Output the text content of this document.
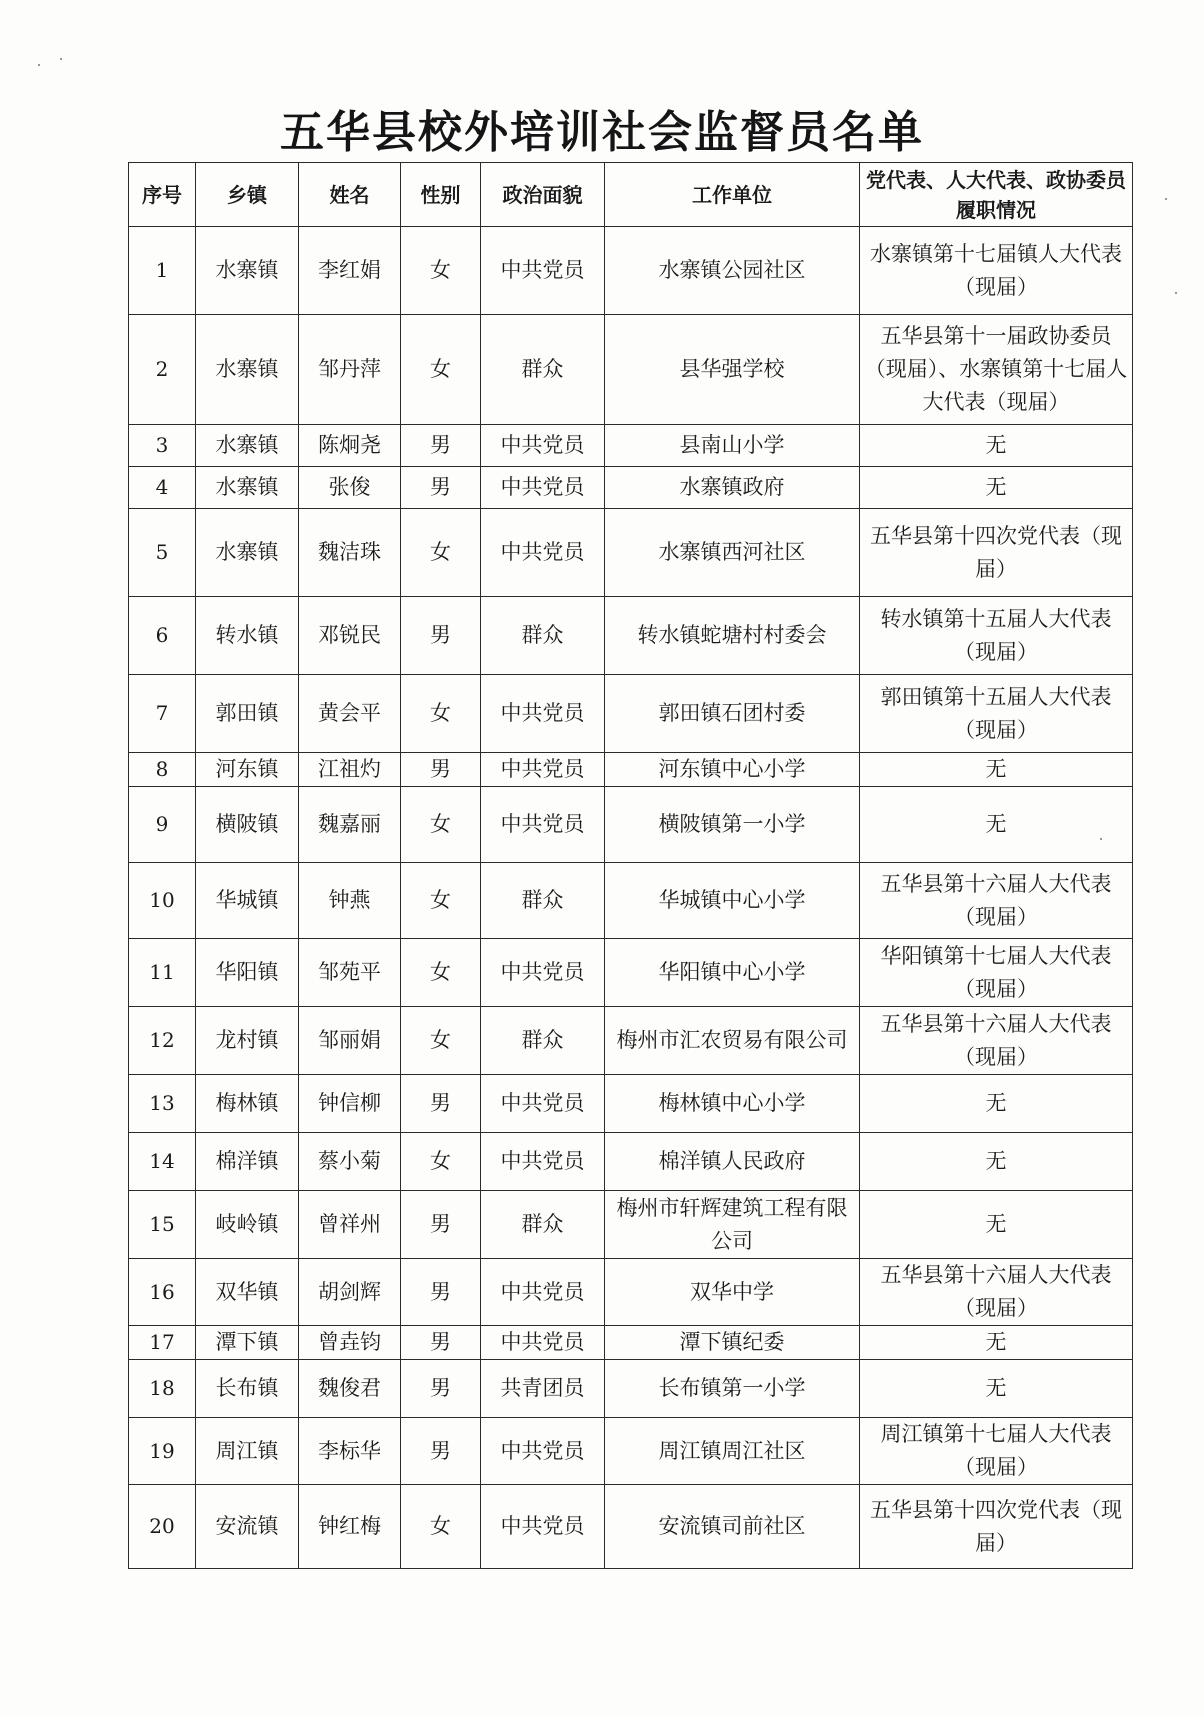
五华县校外培训社会监督员名单
序号	乡镇	姓名	性别	政治面貌	工作单位	党代表、人大代表、政协委员履职情况
1	水寨镇	李红娟	女	中共党员	水寨镇公园社区	水寨镇第十七届镇人大代表（现届）
2	水寨镇	邹丹萍	女	群众	县华强学校	五华县第十一届政协委员（现届）、水寨镇第十七届人大代表（现届）
3	水寨镇	陈炯尧	男	中共党员	县南山小学	无
4	水寨镇	张俊	男	中共党员	水寨镇政府	无
5	水寨镇	魏洁珠	女	中共党员	水寨镇西河社区	五华县第十四次党代表（现届）
6	转水镇	邓锐民	男	群众	转水镇蛇塘村村委会	转水镇第十五届人大代表（现届）
7	郭田镇	黄会平	女	中共党员	郭田镇石团村委	郭田镇第十五届人大代表（现届）
8	河东镇	江祖灼	男	中共党员	河东镇中心小学	无
9	横陂镇	魏嘉丽	女	中共党员	横陂镇第一小学	无
10	华城镇	钟燕	女	群众	华城镇中心小学	五华县第十六届人大代表（现届）
11	华阳镇	邹苑平	女	中共党员	华阳镇中心小学	华阳镇第十七届人大代表（现届）
12	龙村镇	邹丽娟	女	群众	梅州市汇农贸易有限公司	五华县第十六届人大代表（现届）
13	梅林镇	钟信柳	男	中共党员	梅林镇中心小学	无
14	棉洋镇	蔡小菊	女	中共党员	棉洋镇人民政府	无
15	岐岭镇	曾祥州	男	群众	梅州市轩辉建筑工程有限公司	无
16	双华镇	胡剑辉	男	中共党员	双华中学	五华县第十六届人大代表（现届）
17	潭下镇	曾垚钧	男	中共党员	潭下镇纪委	无
18	长布镇	魏俊君	男	共青团员	长布镇第一小学	无
19	周江镇	李标华	男	中共党员	周江镇周江社区	周江镇第十七届人大代表（现届）
20	安流镇	钟红梅	女	中共党员	安流镇司前社区	五华县第十四次党代表（现届）
